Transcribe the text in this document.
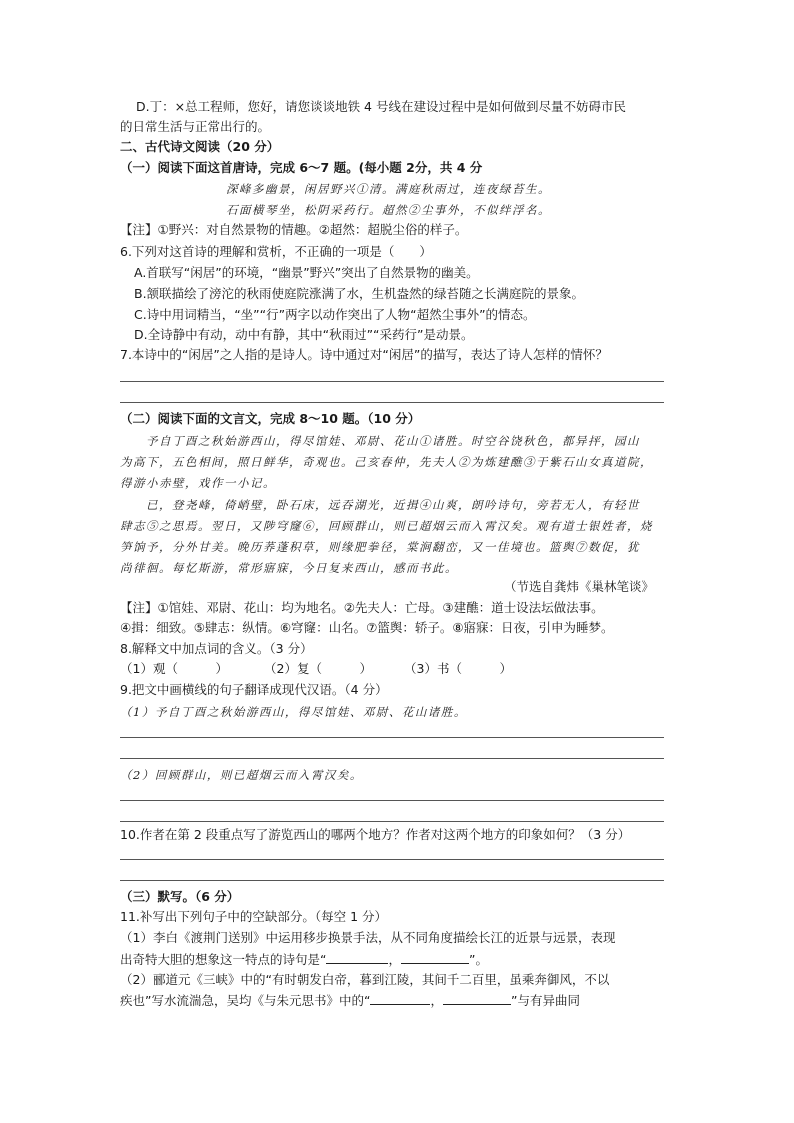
D.丁：×总工程师，您好，请您谈谈地铁 4 号线在建设过程中是如何做到尽量不妨碍市民
的日常生活与正常出行的。
二、古代诗文阅读（20 分）
（一）阅读下面这首唐诗，完成 6～7 题。(每小题 2分，共 4 分
深峰多幽景，闲居野兴①清。满庭秋雨过，连夜绿苔生。
石面横琴坐，松阴采药行。超然②尘事外，不似绊浮名。
【注】①野兴：对自然景物的情趣。②超然：超脱尘俗的样子。
6.下列对这首诗的理解和赏析，不正确的一项是（　　）
A.首联写“闲居”的环境，“幽景”野兴”突出了自然景物的幽美。
B.颔联描绘了滂沱的秋雨使庭院涨满了水，生机盎然的绿苔随之长满庭院的景象。
C.诗中用词精当，“坐”“行”两字以动作突出了人物“超然尘事外”的情态。
D.全诗静中有动，动中有静，其中“秋雨过”“采药行”是动景。
7.本诗中的“闲居”之人指的是诗人。诗中通过对“闲居”的描写，表达了诗人怎样的情怀？
（二）阅读下面的文言文，完成 8～10 题。（10 分）
予自丁酉之秋始游西山，得尽馆娃、邓尉、花山①诸胜。时空谷饶秋色，都异抨，园山
为高下，五色相间，照日鲜华，奇观也。己亥春仲，先夫人②为炼建醮③于紫石山女真道院，
得游小赤壁，戏作一小记。
已，登尧峰，倚峭壁，卧石床，远吞湖光，近揖④山爽，朗吟诗句，旁若无人，有轻世
肆志⑤之思焉。翌日，又陟穹窿⑥，回顾群山，则已超烟云而入霄汉矣。观有道士银姓者，烧
笋饷予，分外甘美。晚历荞蓬积草，则缘肥拳径，棠涧翻峦，又一佳境也。篮舆⑦数促，犹
尚徘徊。每忆斯游，常形寤寐，今日复来西山，感而书此。
（节选自龚炜《巢林笔谈》
【注】①馆娃、邓尉、花山：均为地名。②先夫人：亡母。③建醮：道士设法坛做法事。
④揖：细致。⑤肆志：纵情。⑥穹窿：山名。⑦篮舆：轿子。⑧寤寐：日夜，引申为睡梦。
8.解释文中加点词的含义。（3 分）
（1）观（　　　）	（2）复（　　　）	（3）书（　　　）
9.把文中画横线的句子翻译成现代汉语。（4 分）
（1）予自丁酉之秋始游西山，得尽馆娃、邓尉、花山诸胜。
（2）回顾群山，则已超烟云而入霄汉矣。
10.作者在第 2 段重点写了游览西山的哪两个地方？作者对这两个地方的印象如何？（3 分）
（三）默写。（6 分）
11.补写出下列句子中的空缺部分。（每空 1 分）
（1）李白《渡荆门送别》中运用移步换景手法，从不同角度描绘长江的近景与远景，表现
出奇特大胆的想象这一特点的诗句是“	，	”。
（2）郦道元《三峡》中的“有时朝发白帝，暮到江陵，其间千二百里，虽乘奔御风，不以
疾也”写水流湍急，吴均《与朱元思书》中的“	，	”与有异曲同
